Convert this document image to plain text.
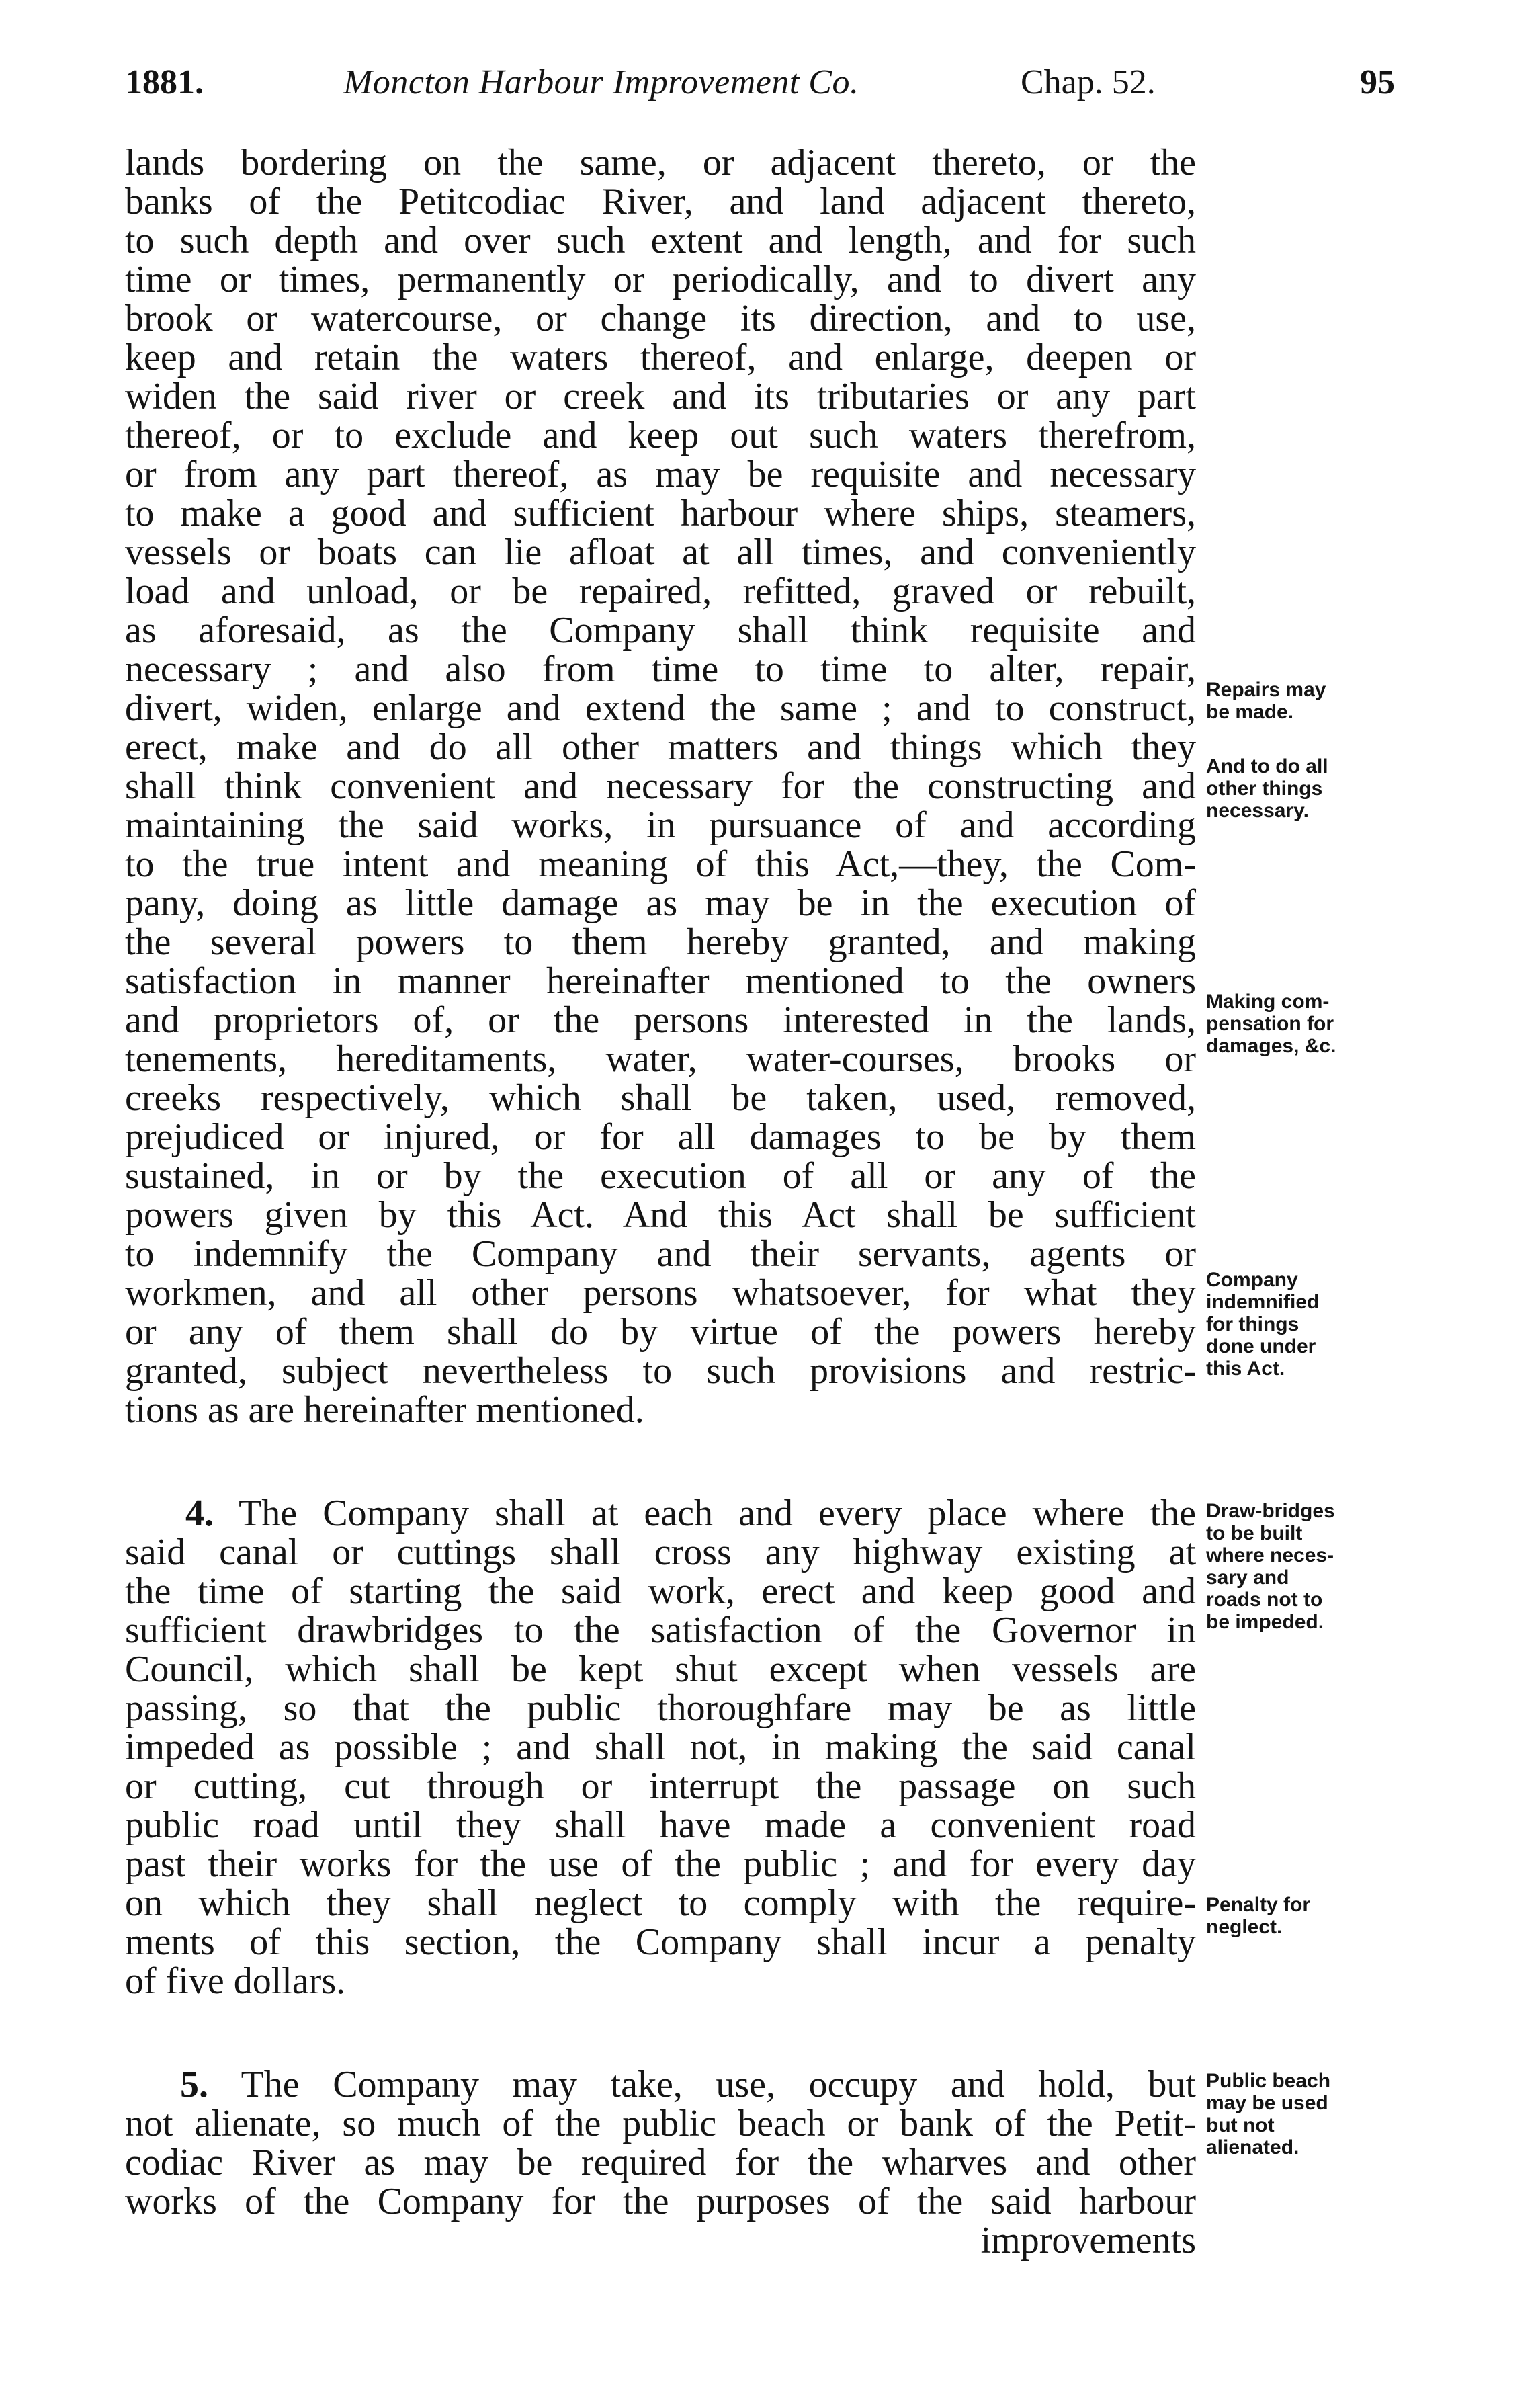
1881.	Moncton Harbour Improvement Co.	Chap. 52.	95
lands bordering on the same, or adjacent thereto, or the
banks of the Petitcodiac River, and land adjacent thereto,
to such depth and over such extent and length, and for such
time or times, permanently or periodically, and to divert any
brook or watercourse, or change its direction, and to use,
keep and retain the waters thereof, and enlarge, deepen or
widen the said river or creek and its tributaries or any part
thereof, or to exclude and keep out such waters therefrom,
or from any part thereof, as may be requisite and necessary
to make a good and sufficient harbour where ships, steamers,
vessels or boats can lie afloat at all times, and conveniently
load and unload, or be repaired, refitted, graved or rebuilt,
as aforesaid, as the Company shall think requisite and
necessary ; and also from time to time to alter, repair,
divert, widen, enlarge and extend the same ; and to construct,
erect, make and do all other matters and things which they
shall think convenient and necessary for the constructing and
maintaining the said works, in pursuance of and according
to the true intent and meaning of this Act,—they, the Com-
pany, doing as little damage as may be in the execution of
the several powers to them hereby granted, and making
satisfaction in manner hereinafter mentioned to the owners
and proprietors of, or the persons interested in the lands,
tenements, hereditaments, water, water-courses, brooks or
creeks respectively, which shall be taken, used, removed,
prejudiced or injured, or for all damages to be by them
sustained, in or by the execution of all or any of the
powers given by this Act. And this Act shall be sufficient
to indemnify the Company and their servants, agents or
workmen, and all other persons whatsoever, for what they
or any of them shall do by virtue of the powers hereby
granted, subject nevertheless to such provisions and restric-
tions as are hereinafter mentioned.
4. The Company shall at each and every place where the
said canal or cuttings shall cross any highway existing at
the time of starting the said work, erect and keep good and
sufficient drawbridges to the satisfaction of the Governor in
Council, which shall be kept shut except when vessels are
passing, so that the public thoroughfare may be as little
impeded as possible ; and shall not, in making the said canal
or cutting, cut through or interrupt the passage on such
public road until they shall have made a convenient road
past their works for the use of the public ; and for every day
on which they shall neglect to comply with the require-
ments of this section, the Company shall incur a penalty
of five dollars.
5. The Company may take, use, occupy and hold, but
not alienate, so much of the public beach or bank of the Petit-
codiac River as may be required for the wharves and other
works of the Company for the purposes of the said harbour
improvements
Repairs may
be made.
And to do all
other things
necessary.
Making com-
pensation for
damages, &c.
Company
indemnified
for things
done under
this Act.
Draw-bridges
to be built
where neces-
sary and
roads not to
be impeded.
Penalty for
neglect.
Public beach
may be used
but not
alienated.
